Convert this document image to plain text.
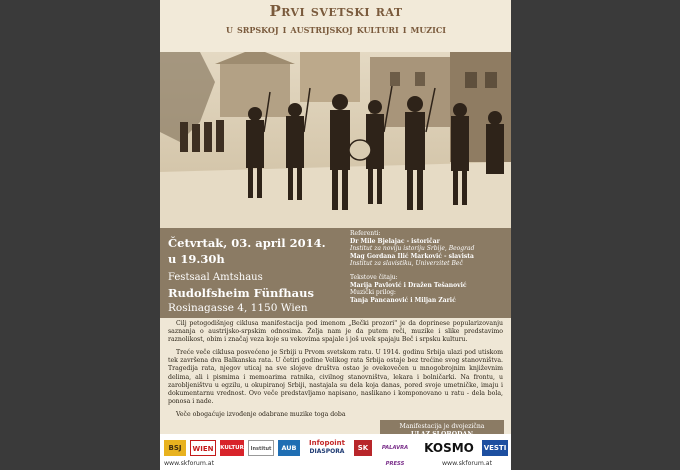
Prvi svetski rat
u srpskoj i austrijskoj kulturi i muzici
Četvrtak, 03. april 2014.
u 19.30h
Festsaal Amtshaus
Rudolfsheim Fünfhaus
Rosinagasse 4, 1150 Wien
Referenti:
Dr Mile Bjelajac - istoričar
Institut za noviju istoriju Srbije, Beograd
Mag Gordana Ilić Marković - slavista
Institut za slavistiku, Univerzitet Beč
Tekstove čitaju:
Marija Pavlović i Dražen Tešanović
Muzički prilog:
Tanja Pancanović i Miljan Zarić

Cilj petogodišnjeg ciklusa manifestacija pod imenom „Bečki prozori" je da doprinese popularizovanju saznanja o austrijsko-srpskim odnosima. Želja nam je da putem reči, muzike i slike predstavimo raznolikost, obim i značaj veza koje su vekovima spajale i još uvek spajaju Beč i srpsku kulturu.

Treće veče ciklusa posvećeno je Srbiji u Prvom svetskom ratu. U 1914. godinu Srbija ulazi pod utiskom tek završena dva Balkanska rata. U četiri godine Velikog rata Srbija ostaje bez trećine svog stanovništva. Tragedija rata, njegov uticaj na sve slojeve društva ostao je ovekovečen u mnogobrojnim književnim delima, ali i pismima i memoarima ratnika, civilnog stanovništva, lekara i bolničarki. Na frontu, u zarobljeništvu u egzilu, u okupiranoj Srbiji, nastajala su dela koja danas, pored svoje umetničke, imaju i dokumentarnu vrednost. Ovo veče predstavljamo napisano, naslikano i komponovano u ratu - dela bola, ponosa i nade.

Veče obogaćuje izvođenje odabrane muzike toga doba

Manifestacija je dvojezična
BSJ	WIEN	KULTUR	Institut	AUB
Infopoint
DIASPORA	SK	PALAVRA PRESS
KOSMO	VESTI
www.skforum.at	www.skforum.at
